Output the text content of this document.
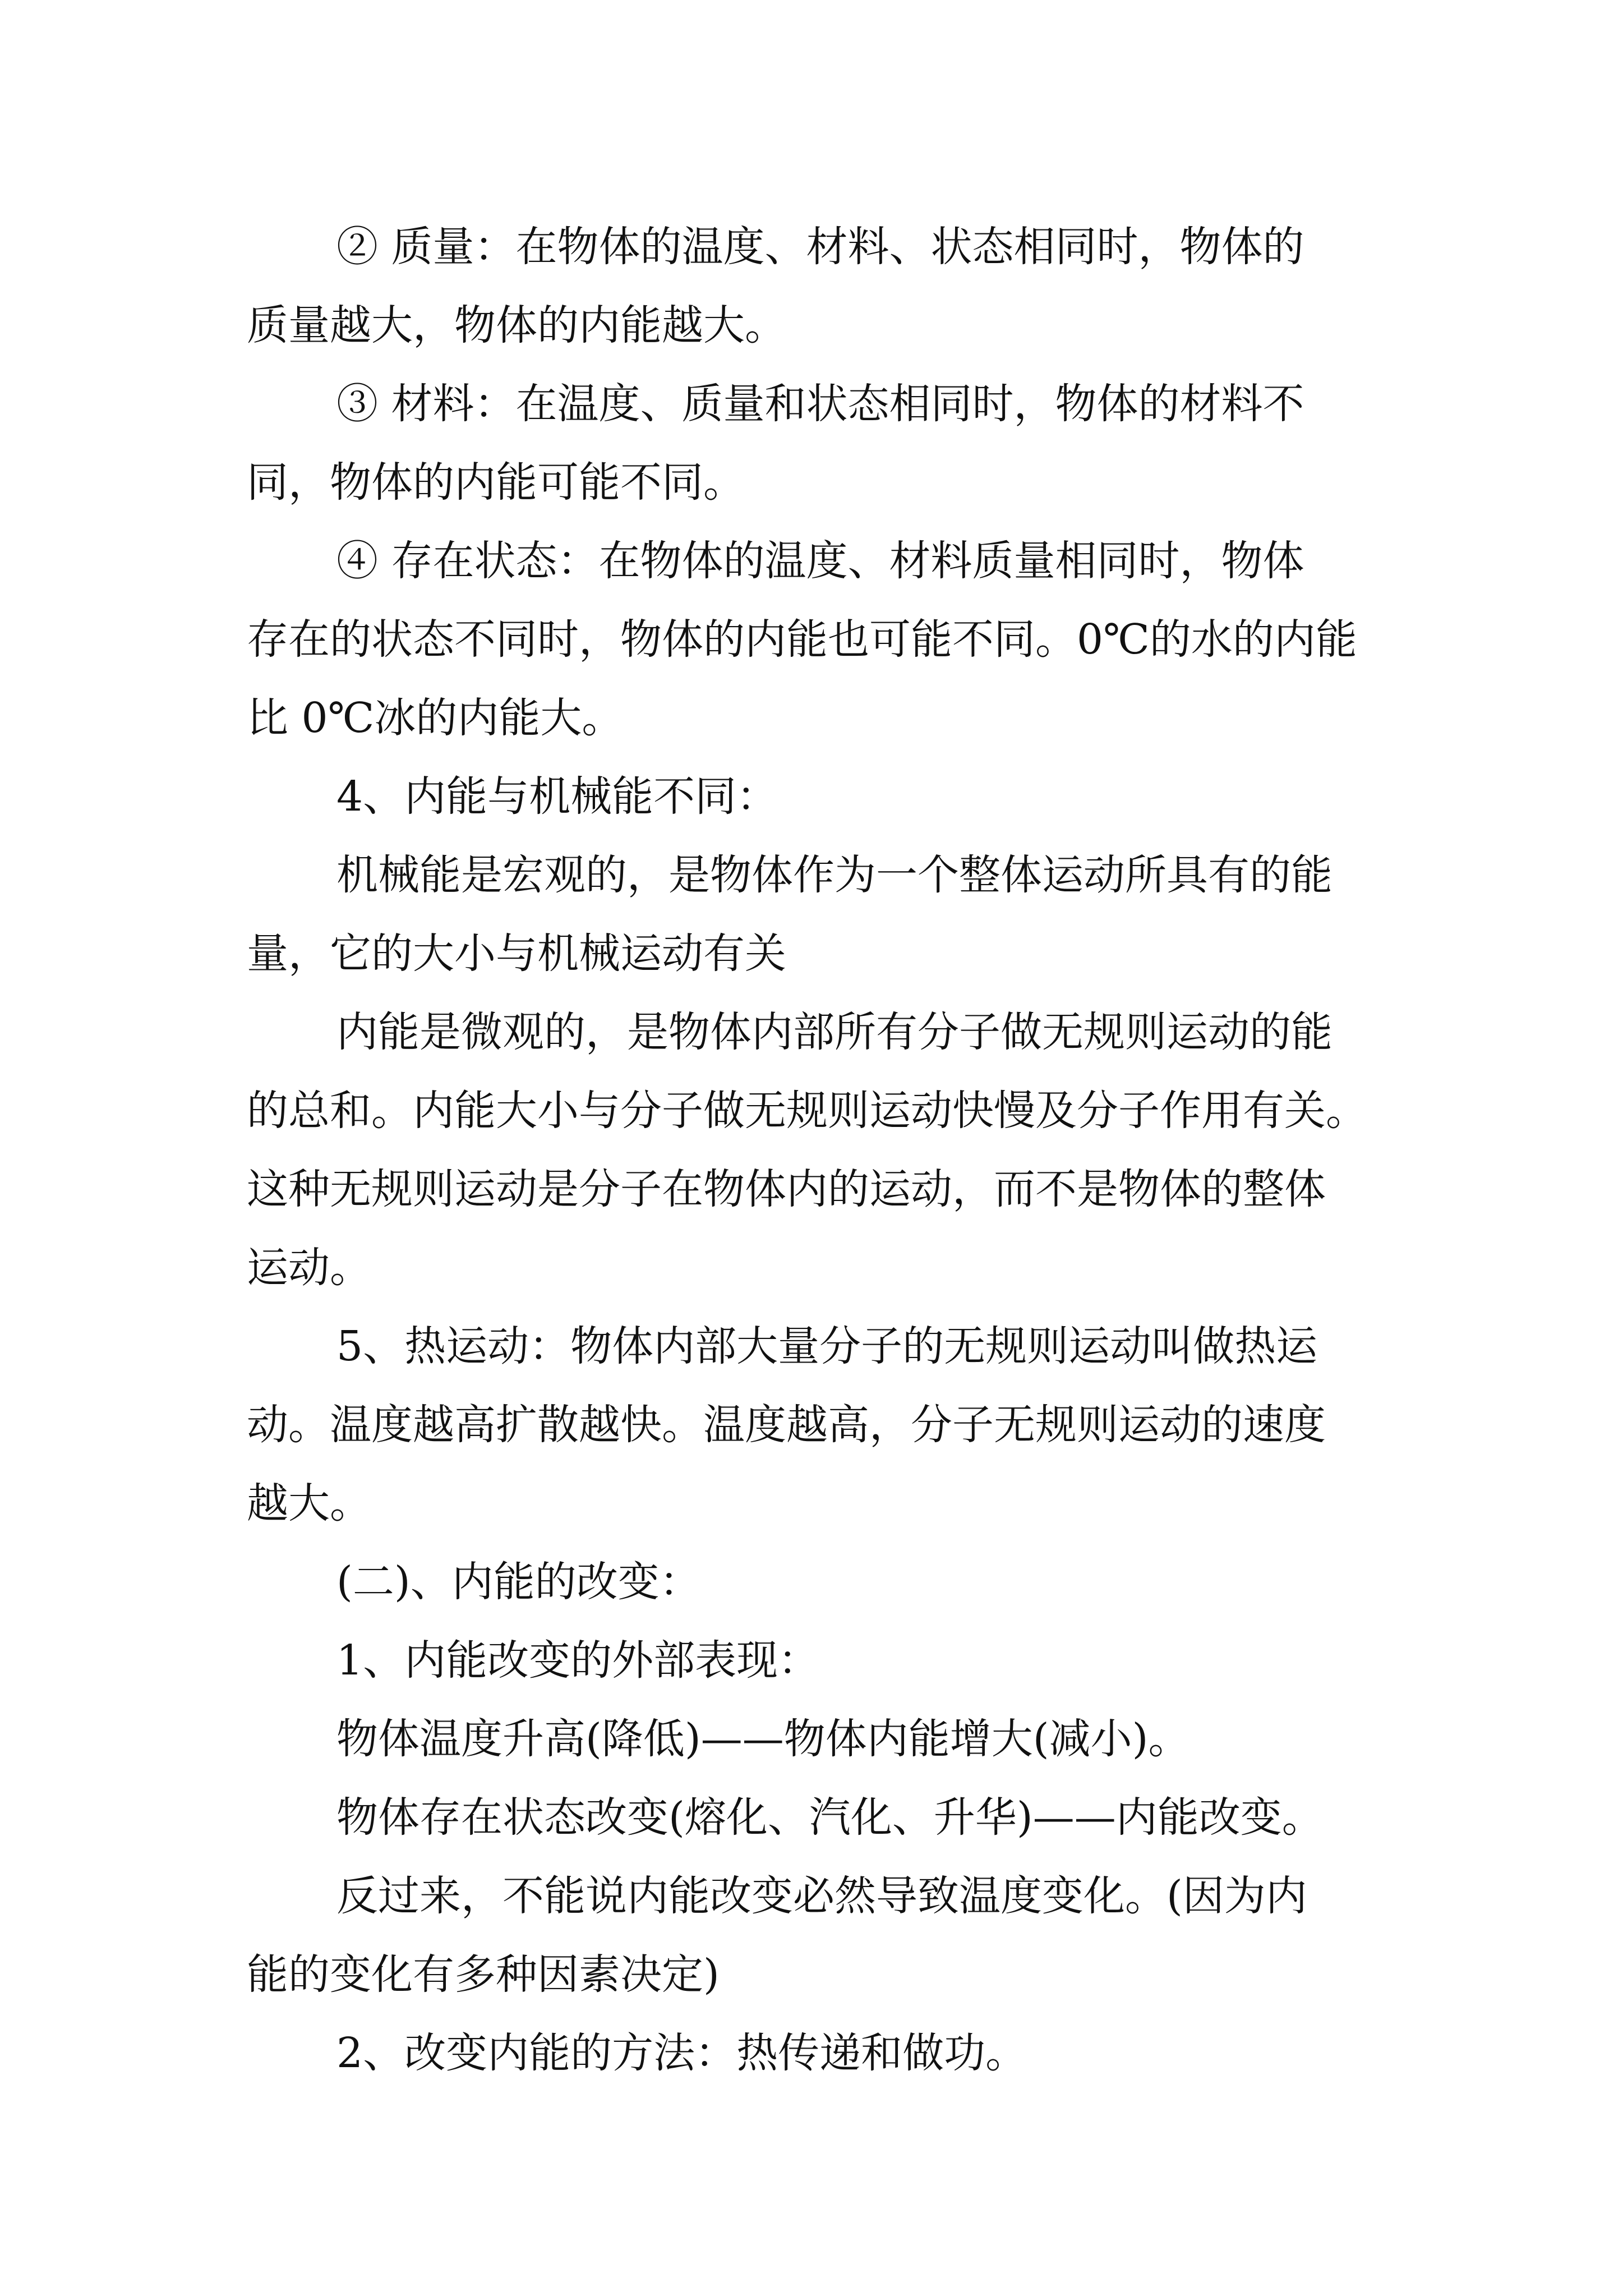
② 质量：在物体的温度、材料、状态相同时，物体的
质量越大，物体的内能越大。
③ 材料：在温度、质量和状态相同时，物体的材料不
同，物体的内能可能不同。
④ 存在状态：在物体的温度、材料质量相同时，物体
存在的状态不同时，物体的内能也可能不同。0℃的水的内能
比 0℃冰的内能大。
4、内能与机械能不同：
机械能是宏观的，是物体作为一个整体运动所具有的能
量，它的大小与机械运动有关
内能是微观的，是物体内部所有分子做无规则运动的能
的总和。内能大小与分子做无规则运动快慢及分子作用有关。
这种无规则运动是分子在物体内的运动，而不是物体的整体
运动。
5、热运动：物体内部大量分子的无规则运动叫做热运
动。温度越高扩散越快。温度越高，分子无规则运动的速度
越大。
(二)、内能的改变：
1、内能改变的外部表现：
物体温度升高(降低)——物体内能增大(减小)。
物体存在状态改变(熔化、汽化、升华)——内能改变。
反过来，不能说内能改变必然导致温度变化。(因为内
能的变化有多种因素决定)
2、改变内能的方法：热传递和做功。
